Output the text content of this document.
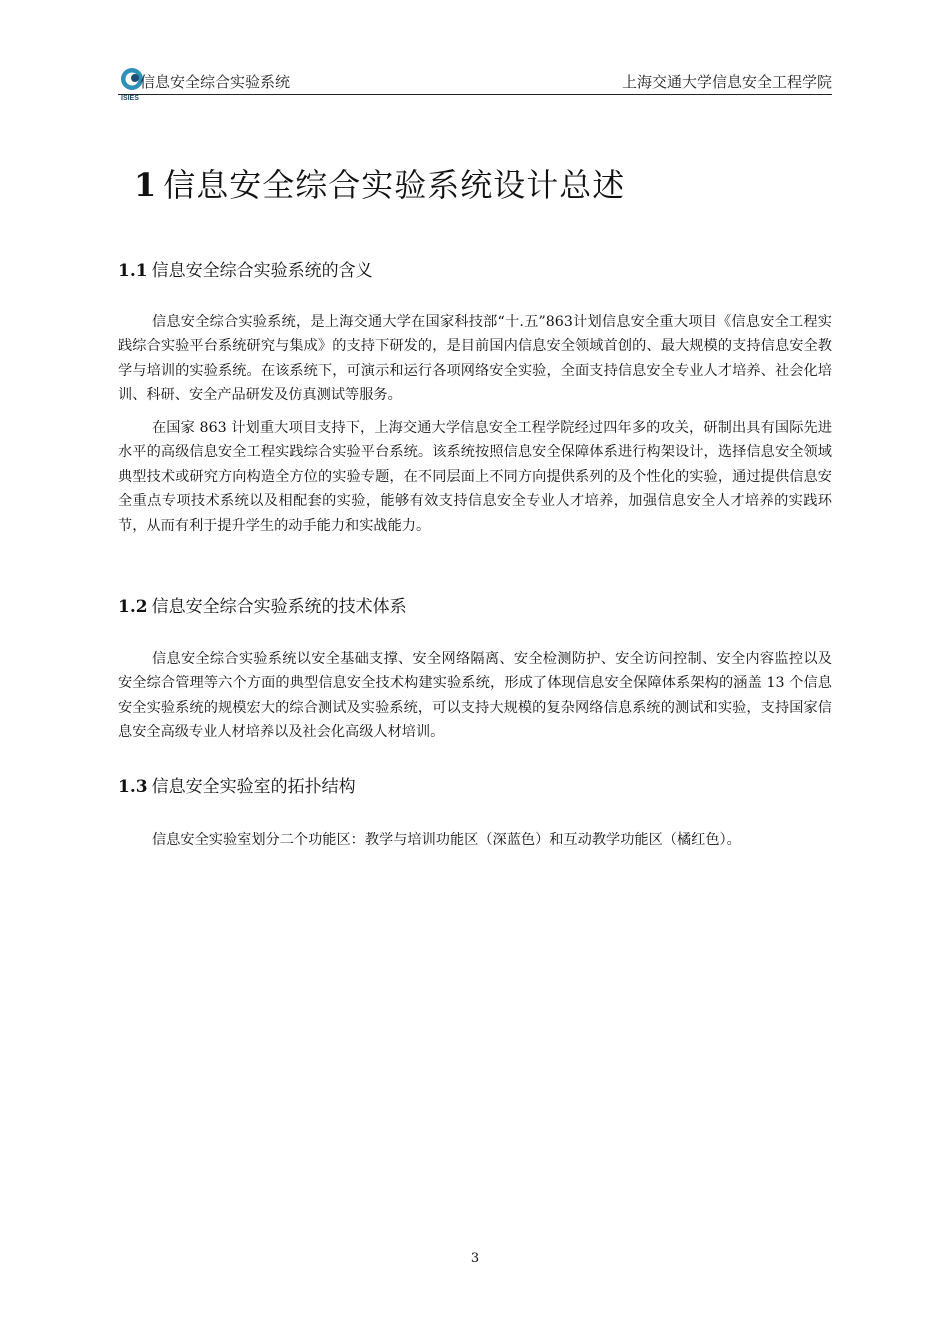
ISIES
信息安全综合实验系统	上海交通大学信息安全工程学院
1 信息安全综合实验系统设计总述
1.1 信息安全综合实验系统的含义

信息安全综合实验系统，是上海交通大学在国家科技部“十.五”863计划信息安全重大项目《信息安全工程实践综合实验平台系统研究与集成》的支持下研发的，是目前国内信息安全领域首创的、最大规模的支持信息安全教学与培训的实验系统。在该系统下，可演示和运行各项网络安全实验，全面支持信息安全专业人才培养、社会化培训、科研、安全产品研发及仿真测试等服务。

在国家 863 计划重大项目支持下，上海交通大学信息安全工程学院经过四年多的攻关，研制出具有国际先进水平的高级信息安全工程实践综合实验平台系统。该系统按照信息安全保障体系进行构架设计，选择信息安全领域典型技术或研究方向构造全方位的实验专题，在不同层面上不同方向提供系列的及个性化的实验，通过提供信息安全重点专项技术系统以及相配套的实验，能够有效支持信息安全专业人才培养，加强信息安全人才培养的实践环节，从而有利于提升学生的动手能力和实战能力。

1.2 信息安全综合实验系统的技术体系

信息安全综合实验系统以安全基础支撑、安全网络隔离、安全检测防护、安全访问控制、安全内容监控以及安全综合管理等六个方面的典型信息安全技术构建实验系统，形成了体现信息安全保障体系架构的涵盖 13 个信息安全实验系统的规模宏大的综合测试及实验系统，可以支持大规模的复杂网络信息系统的测试和实验，支持国家信息安全高级专业人材培养以及社会化高级人材培训。

1.3 信息安全实验室的拓扑结构

信息安全实验室划分二个功能区：教学与培训功能区（深蓝色）和互动教学功能区（橘红色）。

3
